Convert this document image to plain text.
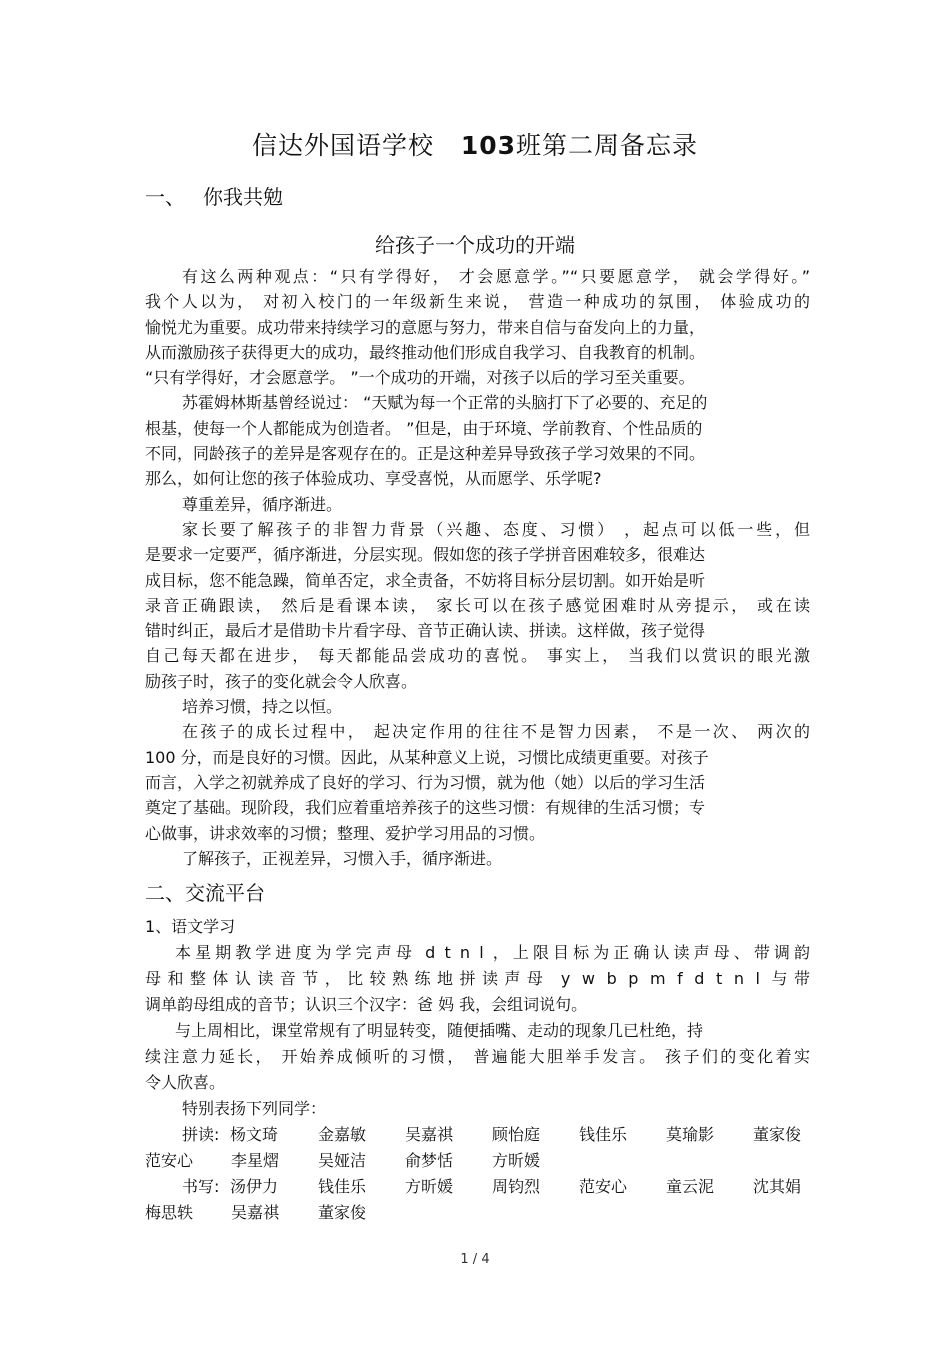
信达外国语学校 103班第二周备忘录
一、 你我共勉
给孩子一个成功的开端
有这么两种观点：“只有学得好， 才会愿意学。”“只要愿意学， 就会学得好。”
我个人以为， 对初入校门的一年级新生来说， 营造一种成功的氛围， 体验成功的
愉悦尤为重要。成功带来持续学习的意愿与努力，带来自信与奋发向上的力量，
从而激励孩子获得更大的成功，最终推动他们形成自我学习、自我教育的机制。
“只有学得好，才会愿意学。 ”一个成功的开端，对孩子以后的学习至关重要。
苏霍姆林斯基曾经说过： “天赋为每一个正常的头脑打下了必要的、充足的
根基，使每一个人都能成为创造者。 ”但是，由于环境、学前教育、个性品质的
不同，同龄孩子的差异是客观存在的。正是这种差异导致孩子学习效果的不同。
那么，如何让您的孩子体验成功、享受喜悦，从而愿学、乐学呢?
尊重差异，循序渐进。
家长要了解孩子的非智力背景（兴趣、态度、习惯） ，起点可以低一些，但
是要求一定要严，循序渐进，分层实现。假如您的孩子学拼音困难较多，很难达
成目标，您不能急躁，简单否定，求全责备，不妨将目标分层切割。如开始是听
录音正确跟读， 然后是看课本读， 家长可以在孩子感觉困难时从旁提示， 或在读
错时纠正，最后才是借助卡片看字母、音节正确认读、拼读。这样做，孩子觉得
自己每天都在进步， 每天都能品尝成功的喜悦。 事实上， 当我们以赏识的眼光激
励孩子时，孩子的变化就会令人欣喜。
培养习惯，持之以恒。
在孩子的成长过程中， 起决定作用的往往不是智力因素， 不是一次、 两次的
100 分，而是良好的习惯。因此，从某种意义上说，习惯比成绩更重要。对孩子
而言，入学之初就养成了良好的学习、行为习惯，就为他（她）以后的学习生活
奠定了基础。现阶段，我们应着重培养孩子的这些习惯：有规律的生活习惯；专
心做事，讲求效率的习惯；整理、爱护学习用品的习惯。
了解孩子，正视差异，习惯入手，循序渐进。
二、交流平台
1、语文学习
本星期教学进度为学完声母 d t n l ，上限目标为正确认读声母、带调韵
母和整体认读音节，比较熟练地拼读声母 y w b p m f d t n l 与带
调单韵母组成的音节；认识三个汉字：爸 妈 我，会组词说句。
与上周相比，课堂常规有了明显转变，随便插嘴、走动的现象几已杜绝，持
续注意力延长， 开始养成倾听的习惯， 普遍能大胆举手发言。 孩子们的变化着实
令人欣喜。
特别表扬下列同学：
拼读: 杨文琦	金嘉敏	吴嘉祺	顾怡庭	钱佳乐	莫瑜影	董家俊
范安心	李星熠	吴娅洁	俞梦恬	方昕媛
书写: 汤伊力	钱佳乐	方昕媛	周钧烈	范安心	童云泥	沈其娟
梅思轶	吴嘉祺	董家俊
1 / 4
